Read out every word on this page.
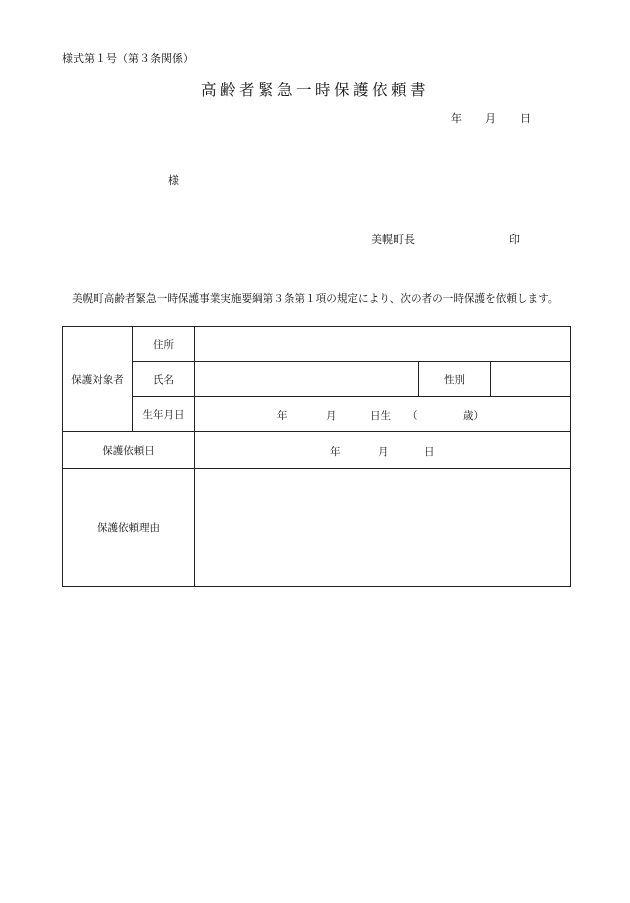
様式第１号（第３条関係）
高齢者緊急一時保護依頼書
年 月 日
様
美幌町長	印
美幌町高齢者緊急一時保護事業実施要綱第３条第１項の規定により、次の者の一時保護を依頼します。
保護対象者	住所			
	氏名		性別	
	生年月日	年 月 日生 （ 歳）		

保護依頼日		年 月 日		

保護依頼理由				
